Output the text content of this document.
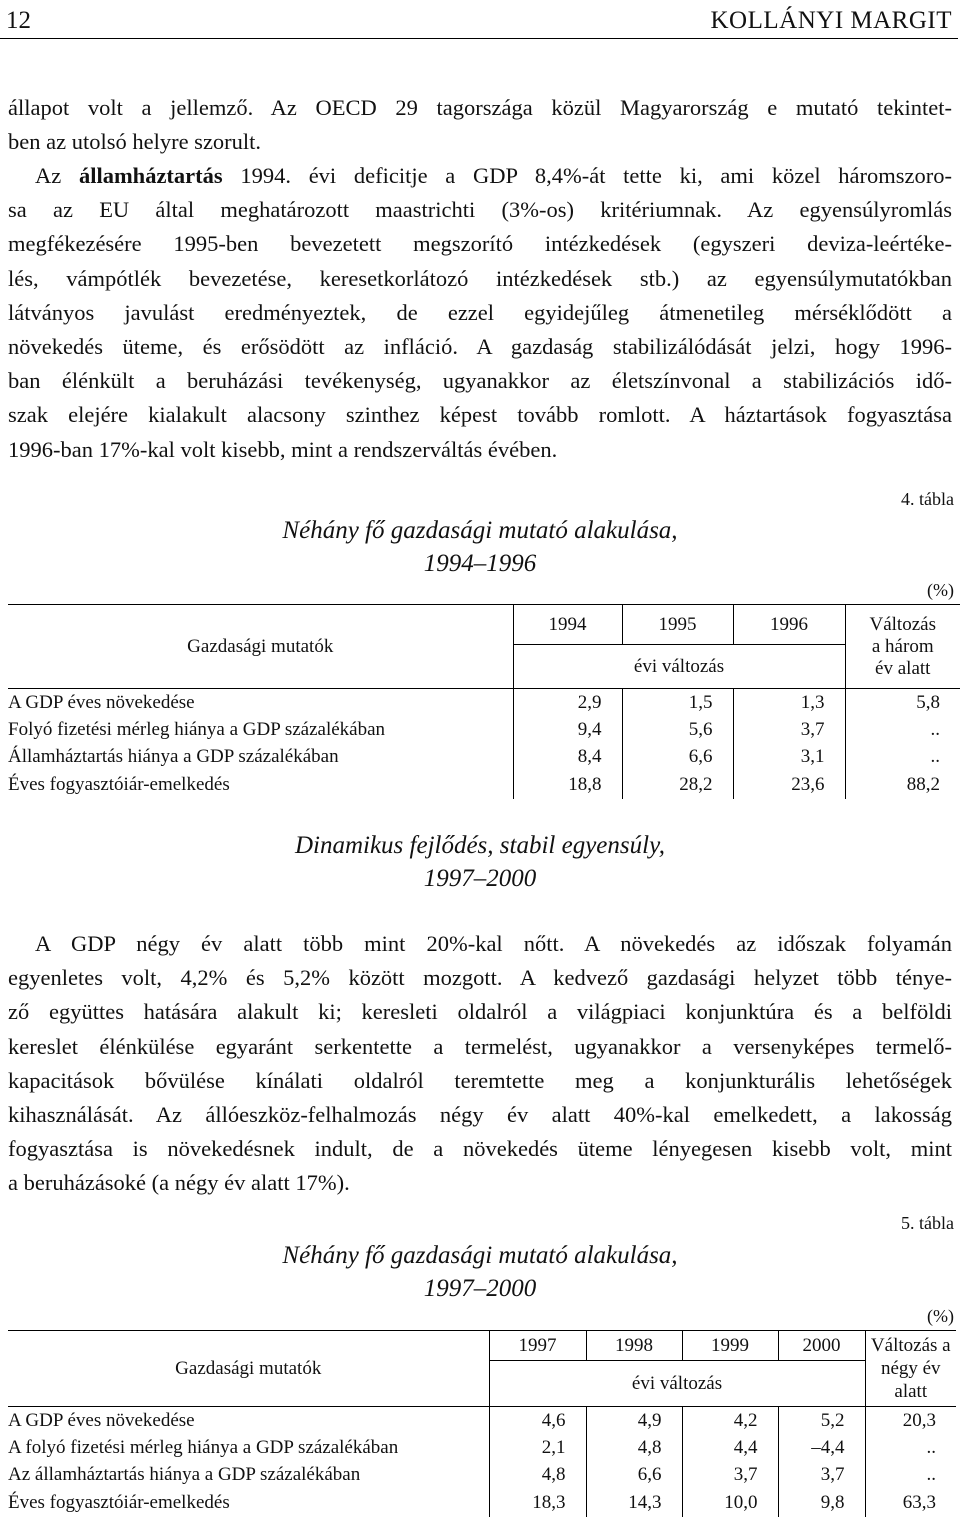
12	KOLLÁNYI MARGIT
állapot volt a jellemző. Az OECD 29 tagországa közül Magyarország e mutató tekintet-
ben az utolsó helyre szorult.
Az államháztartás 1994. évi deficitje a GDP 8,4%-át tette ki, ami közel háromszoro-
sa az EU által meghatározott maastrichti (3%-os) kritériumnak. Az egyensúlyromlás
megfékezésére 1995-ben bevezetett megszorító intézkedések (egyszeri deviza-leértéke-
lés, vámpótlék bevezetése, keresetkorlátozó intézkedések stb.) az egyensúlymutatókban
látványos javulást eredményeztek, de ezzel egyidejűleg átmenetileg mérséklődött a
növekedés üteme, és erősödött az infláció. A gazdaság stabilizálódását jelzi, hogy 1996-
ban élénkült a beruházási tevékenység, ugyanakkor az életszínvonal a stabilizációs idő-
szak elejére kialakult alacsony szinthez képest tovább romlott. A háztartások fogyasztása
1996-ban 17%-kal volt kisebb, mint a rendszerváltás évében.
4. tábla
Néhány fő gazdasági mutató alakulása,
1994–1996
(%)
Gazdasági mutatók	1994	1995	1996	Változás
a három
év alatt

	évi változás			
A GDP éves növekedése	2,9	1,5	1,3	5,8
Folyó fizetési mérleg hiánya a GDP százalékában	9,4	5,6	3,7	..
Államháztartás hiánya a GDP százalékában	8,4	6,6	3,1	..
Éves fogyasztóiár-emelkedés	18,8	28,2	23,6	88,2
Dinamikus fejlődés, stabil egyensúly,
1997–2000
A GDP négy év alatt több mint 20%-kal nőtt. A növekedés az időszak folyamán
egyenletes volt, 4,2% és 5,2% között mozgott. A kedvező gazdasági helyzet több ténye-
ző együttes hatására alakult ki; keresleti oldalról a világpiaci konjunktúra és a belföldi
kereslet élénkülése egyaránt serkentette a termelést, ugyanakkor a versenyképes termelő-
kapacitások bővülése kínálati oldalról teremtette meg a konjunkturális lehetőségek
kihasználását. Az állóeszköz-felhalmozás négy év alatt 40%-kal emelkedett, a lakosság
fogyasztása is növekedésnek indult, de a növekedés üteme lényegesen kisebb volt, mint
a beruházásoké (a négy év alatt 17%).
5. tábla
Néhány fő gazdasági mutató alakulása,
1997–2000
(%)
Gazdasági mutatók	1997	1998	1999	2000	Változás a
négy év
alatt

	évi változás				
A GDP éves növekedése	4,6	4,9	4,2	5,2	20,3
A folyó fizetési mérleg hiánya a GDP százalékában	2,1	4,8	4,4	–4,4	..
Az államháztartás hiánya a GDP százalékában	4,8	6,6	3,7	3,7	..
Éves fogyasztóiár-emelkedés	18,3	14,3	10,0	9,8	63,3
